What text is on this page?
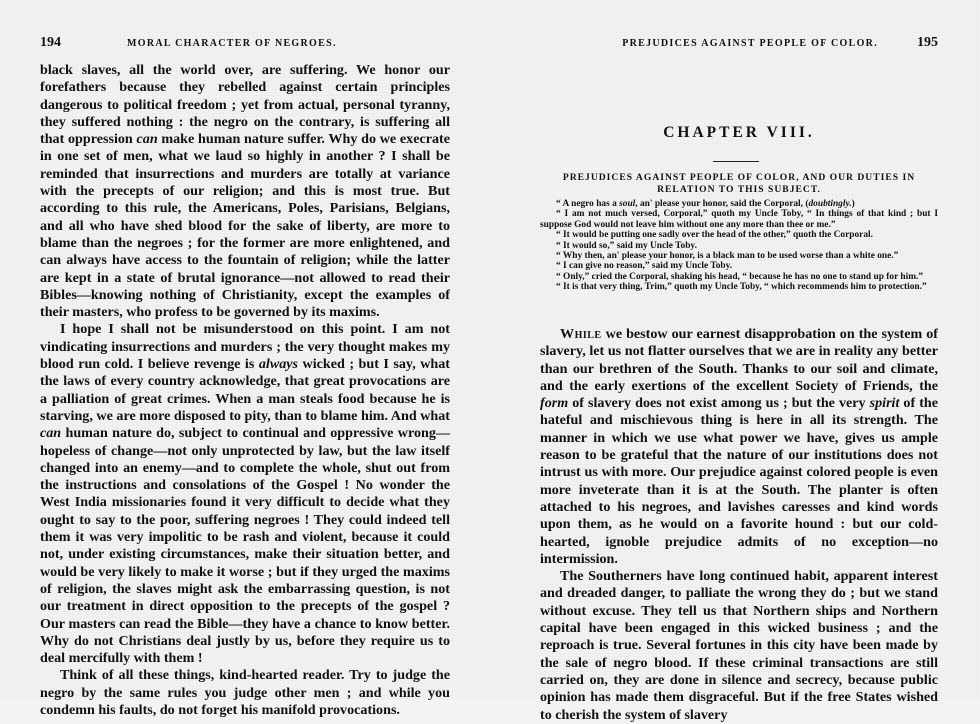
194	MORAL CHARACTER OF NEGROES.

black slaves, all the world over, are suffering. We honor our forefathers because they rebelled against certain principles dangerous to political freedom ; yet from actual, personal tyranny, they suffered nothing : the negro on the contrary, is suffering all that oppression can make human nature suffer. Why do we execrate in one set of men, what we laud so highly in another ? I shall be reminded that insurrections and murders are totally at variance with the precepts of our religion; and this is most true. But according to this rule, the Americans, Poles, Parisians, Belgians, and all who have shed blood for the sake of liberty, are more to blame than the negroes ; for the former are more enlightened, and can always have access to the fountain of religion; while the latter are kept in a state of brutal ignorance—not allowed to read their Bibles—knowing nothing of Christianity, except the examples of their masters, who profess to be governed by its maxims.

I hope I shall not be misunderstood on this point. I am not vindicating insurrections and murders ; the very thought makes my blood run cold. I believe revenge is always wicked ; but I say, what the laws of every country acknowledge, that great provocations are a palliation of great crimes. When a man steals food because he is starving, we are more disposed to pity, than to blame him. And what can human nature do, subject to continual and oppressive wrong—hopeless of change—not only unprotected by law, but the law itself changed into an enemy—and to complete the whole, shut out from the instructions and consolations of the Gospel ! No wonder the West India missionaries found it very difficult to decide what they ought to say to the poor, suffering negroes ! They could indeed tell them it was very impolitic to be rash and violent, because it could not, under existing circumstances, make their situation better, and would be very likely to make it worse ; but if they urged the maxims of religion, the slaves might ask the embarrassing question, is not our treatment in direct opposition to the precepts of the gospel ? Our masters can read the Bible—they have a chance to know better. Why do not Christians deal justly by us, before they require us to deal mercifully with them !

Think of all these things, kind-hearted reader. Try to judge the negro by the same rules you judge other men ; and while you condemn his faults, do not forget his manifold provocations.

PREJUDICES AGAINST PEOPLE OF COLOR.	195
CHAPTER VIII.
PREJUDICES AGAINST PEOPLE OF COLOR, AND OUR DUTIES IN
RELATION TO THIS SUBJECT.

“ A negro has a soul, an' please your honor, said the Corporal, (doubtingly.)

“ I am not much versed, Corporal,” quoth my Uncle Toby, “ In things of that kind ; but I suppose God would not leave him without one any more than thee or me.”

“ It would be putting one sadly over the head of the other,” quoth the Corporal.

“ It would so,” said my Uncle Toby.

“ Why then, an' please your honor, is a black man to be used worse than a white one.”

“ I can give no reason,” said my Uncle Toby.

“ Only,” cried the Corporal, shaking his head, “ because he has no one to stand up for him.”

“ It is that very thing, Trim,” quoth my Uncle Toby, “ which recommends him to protection.”

While we bestow our earnest disapprobation on the system of slavery, let us not flatter ourselves that we are in reality any better than our brethren of the South. Thanks to our soil and climate, and the early exertions of the excellent Society of Friends, the form of slavery does not exist among us ; but the very spirit of the hateful and mischievous thing is here in all its strength. The manner in which we use what power we have, gives us ample reason to be grateful that the nature of our institutions does not intrust us with more. Our prejudice against colored people is even more inveterate than it is at the South. The planter is often attached to his negroes, and lavishes caresses and kind words upon them, as he would on a favorite hound : but our cold-hearted, ignoble prejudice admits of no exception—no intermission.

The Southerners have long continued habit, apparent interest and dreaded danger, to palliate the wrong they do ; but we stand without excuse. They tell us that Northern ships and Northern capital have been engaged in this wicked business ; and the reproach is true. Several fortunes in this city have been made by the sale of negro blood. If these criminal transactions are still carried on, they are done in silence and secrecy, because public opinion has made them disgraceful. But if the free States wished to cherish the system of slavery
